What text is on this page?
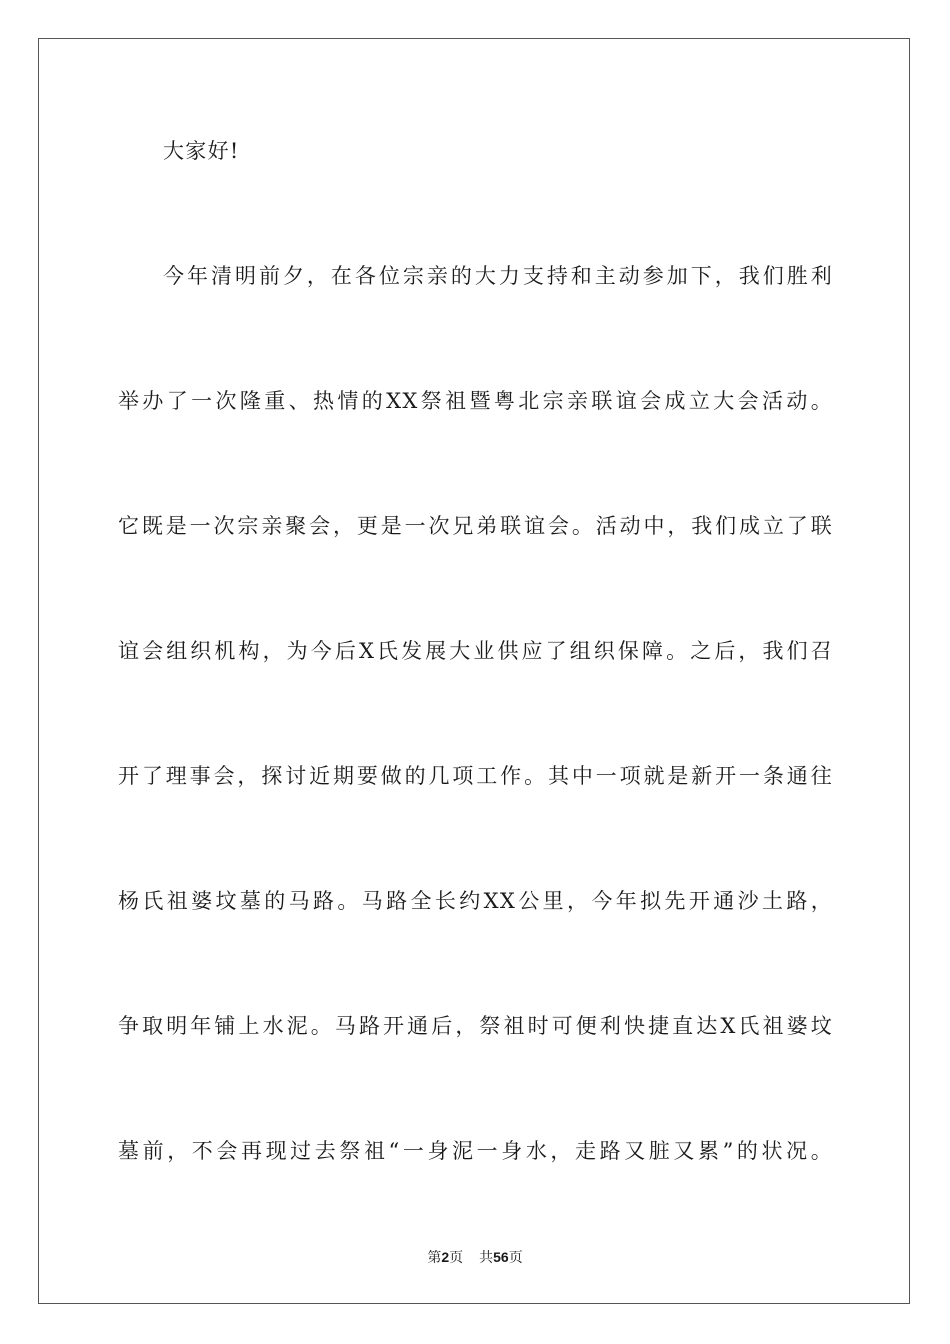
大家好!
今年清明前夕，在各位宗亲的大力支持和主动参加下，我们胜利
举办了一次隆重、热情的XX祭祖暨粤北宗亲联谊会成立大会活动。
它既是一次宗亲聚会，更是一次兄弟联谊会。活动中，我们成立了联
谊会组织机构，为今后X氏发展大业供应了组织保障。之后，我们召
开了理事会，探讨近期要做的几项工作。其中一项就是新开一条通往
杨氏祖婆坟墓的马路。马路全长约XX公里，今年拟先开通沙土路，
争取明年铺上水泥。马路开通后，祭祖时可便利快捷直达X氏祖婆坟
墓前，不会再现过去祭祖“一身泥一身水，走路又脏又累”的状况。
第2页 共56页
